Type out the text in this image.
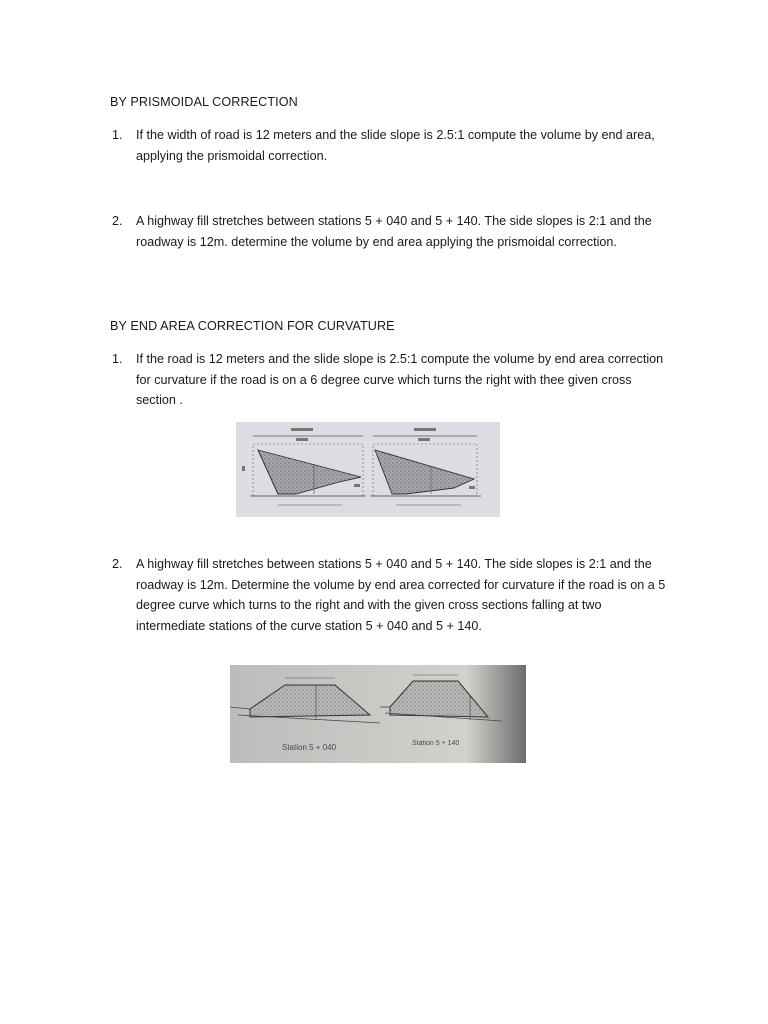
BY PRISMOIDAL CORRECTION
1.	If the width of road is 12 meters and the slide slope is 2.5:1 compute the volume by end area, applying the prismoidal correction.
2.	A highway fill stretches between stations 5 + 040 and 5 + 140. The side slopes is 2:1 and the roadway is 12m. determine the volume by end area applying the prismoidal correction.
BY END AREA CORRECTION FOR CURVATURE
1.	If the road is 12 meters and the slide slope is 2.5:1 compute the volume by end area correction for curvature if the road is on a 6 degree curve which turns the right with thee given cross section .
2.	A highway fill stretches between stations 5 + 040 and 5 + 140. The side slopes is 2:1 and the roadway is 12m. Determine the volume by end area corrected for curvature if the road is on a 5 degree curve which turns to the right and with the given cross sections falling at two intermediate stations of the curve station 5 + 040 and 5 + 140.
Station 5 + 040	Station 5 + 140
